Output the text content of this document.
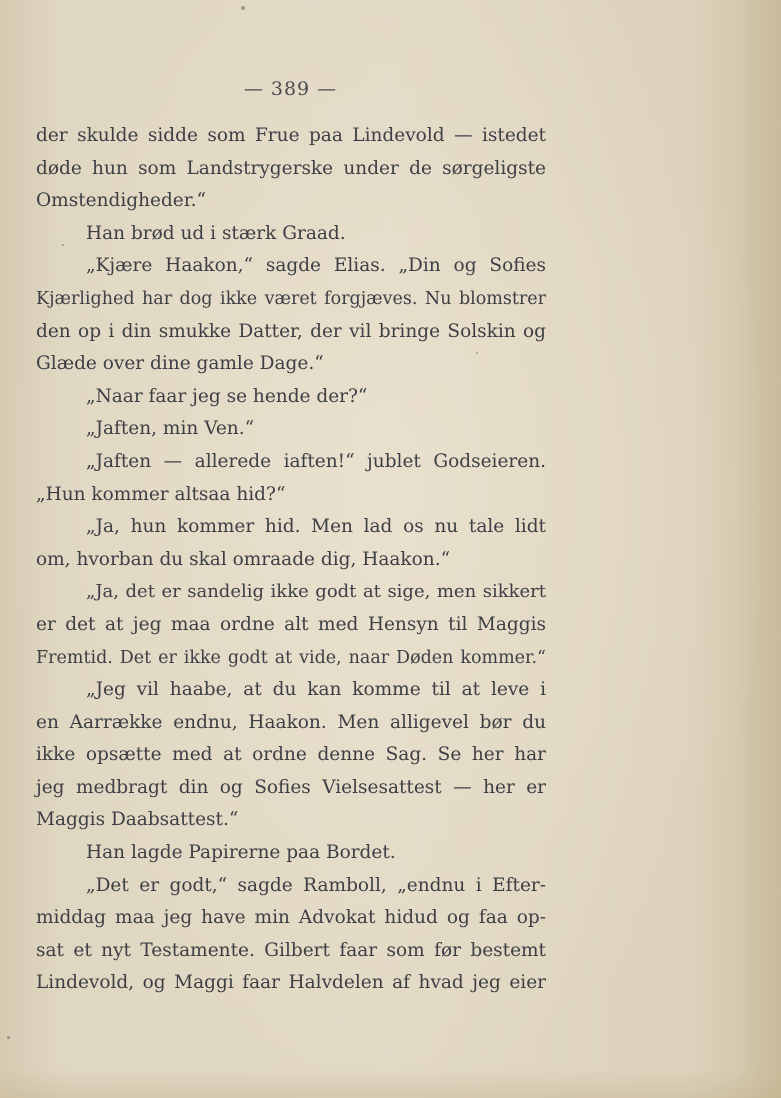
— 389 —
der skulde sidde som Frue paa Lindevold — istedet
døde hun som Landstrygerske under de sørgeligste
Omstendigheder.“
Han brød ud i stærk Graad.
„Kjære Haakon,“ sagde Elias. „Din og Sofies
Kjærlighed har dog ikke været forgjæves. Nu blomstrer
den op i din smukke Datter, der vil bringe Solskin og
Glæde over dine gamle Dage.“
„Naar faar jeg se hende der?“
„Jaften, min Ven.“
„Jaften — allerede iaften!“ jublet Godseieren.
„Hun kommer altsaa hid?“
„Ja, hun kommer hid. Men lad os nu tale lidt
om, hvorban du skal omraade dig, Haakon.“
„Ja, det er sandelig ikke godt at sige, men sikkert
er det at jeg maa ordne alt med Hensyn til Maggis
Fremtid. Det er ikke godt at vide, naar Døden kommer.“
„Jeg vil haabe, at du kan komme til at leve i
en Aarrække endnu, Haakon. Men alligevel bør du
ikke opsætte med at ordne denne Sag. Se her har
jeg medbragt din og Sofies Vielsesattest — her er
Maggis Daabsattest.“
Han lagde Papirerne paa Bordet.
„Det er godt,“ sagde Ramboll, „endnu i Efter-
middag maa jeg have min Advokat hidud og faa op-
sat et nyt Testamente. Gilbert faar som før bestemt
Lindevold, og Maggi faar Halvdelen af hvad jeg eier
